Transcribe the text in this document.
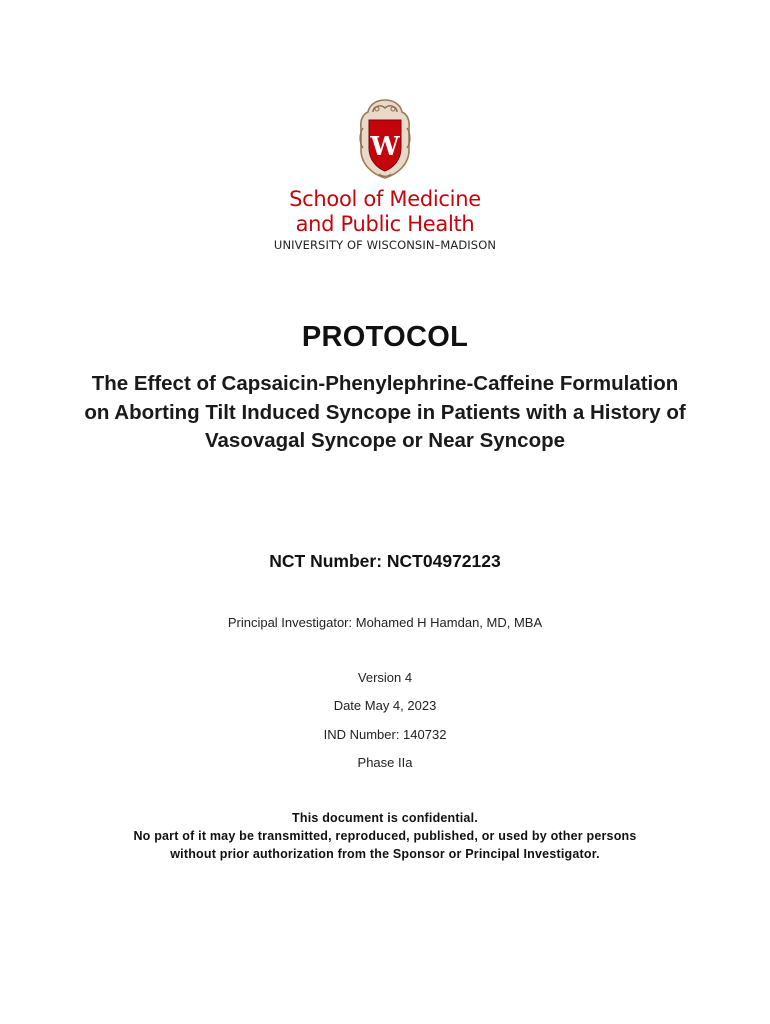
W
School of Medicine
and Public Health
UNIVERSITY OF WISCONSIN–MADISON
PROTOCOL
The Effect of Capsaicin-Phenylephrine-Caffeine Formulation on Aborting Tilt Induced Syncope in Patients with a History of Vasovagal Syncope or Near Syncope
NCT Number: NCT04972123
Principal Investigator: Mohamed H Hamdan, MD, MBA
Version 4
Date May 4, 2023
IND Number: 140732
Phase IIa
This document is confidential.
No part of it may be transmitted, reproduced, published, or used by other persons
without prior authorization from the Sponsor or Principal Investigator.
